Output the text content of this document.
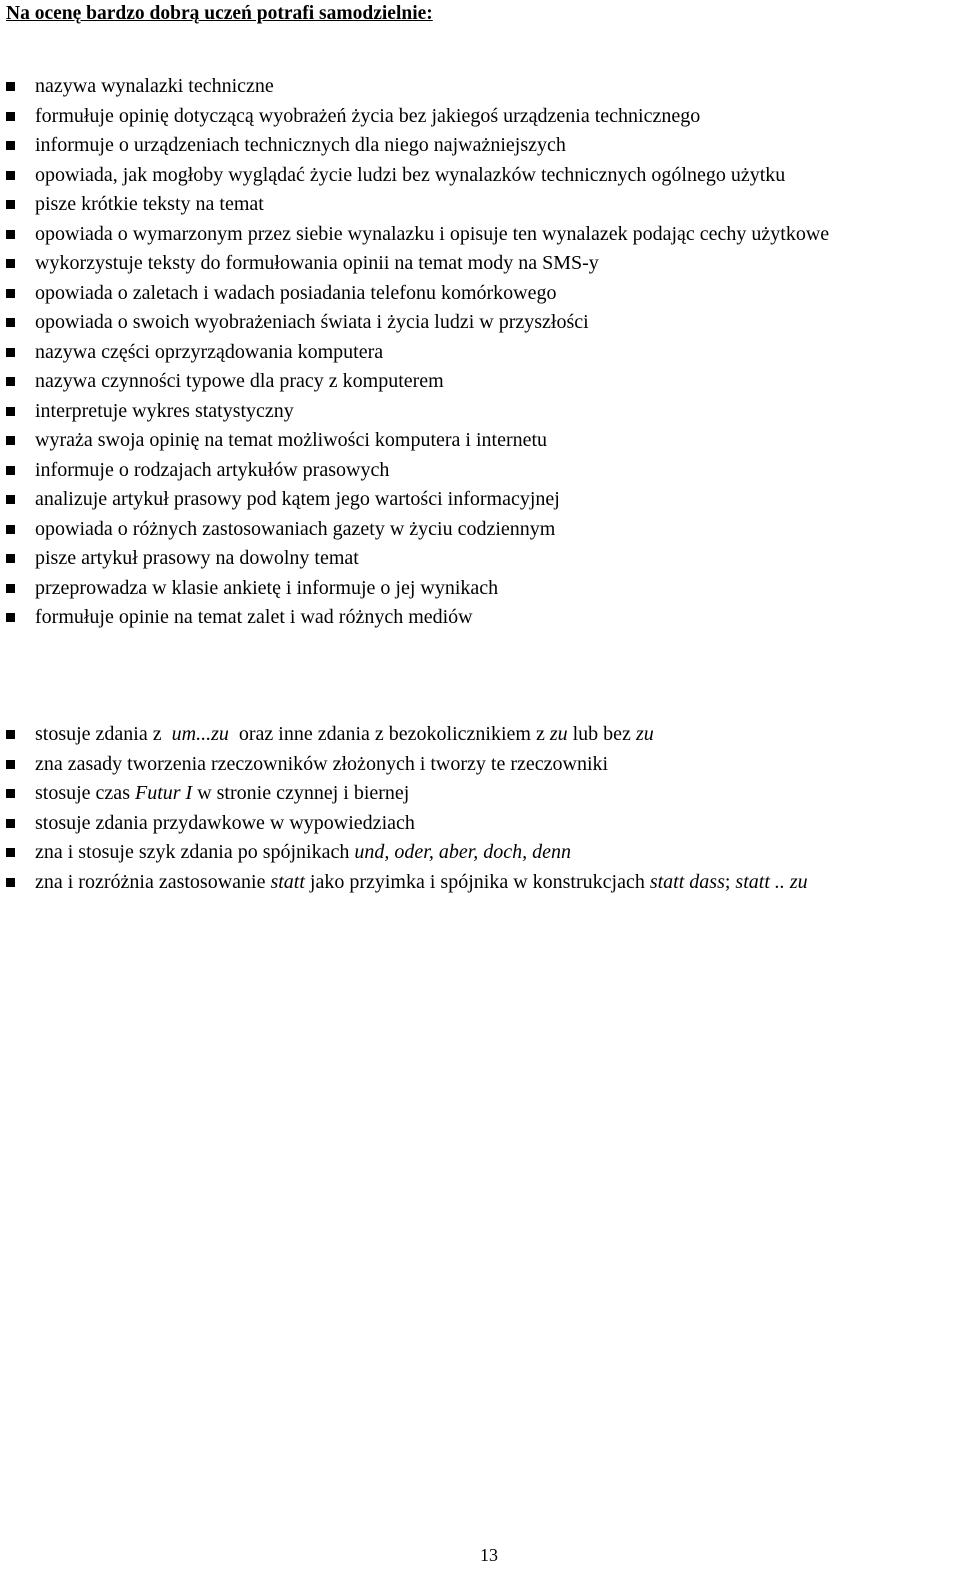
Na ocenę bardzo dobrą uczeń potrafi samodzielnie:
nazywa wynalazki techniczne
formułuje opinię dotyczącą wyobrażeń życia bez jakiegoś urządzenia technicznego
informuje o urządzeniach technicznych dla niego najważniejszych
opowiada, jak mogłoby wyglądać życie ludzi bez wynalazków technicznych ogólnego użytku
pisze krótkie teksty na temat
opowiada o wymarzonym przez siebie wynalazku i opisuje ten wynalazek podając cechy użytkowe
wykorzystuje teksty do formułowania opinii na temat mody na SMS-y
opowiada o zaletach i wadach posiadania telefonu komórkowego
opowiada o swoich wyobrażeniach świata i życia ludzi w przyszłości
nazywa części oprzyrządowania komputera
nazywa czynności typowe dla pracy z komputerem
interpretuje wykres statystyczny
wyraża swoja opinię na temat możliwości komputera i internetu
informuje o rodzajach artykułów prasowych
analizuje artykuł prasowy pod kątem jego wartości informacyjnej
opowiada o różnych zastosowaniach gazety w życiu codziennym
pisze artykuł prasowy na dowolny temat
przeprowadza w klasie ankietę i informuje o jej wynikach
formułuje opinie na temat zalet i wad różnych mediów
stosuje zdania z  um...zu  oraz inne zdania z bezokolicznikiem z zu lub bez zu
zna zasady tworzenia rzeczowników złożonych i tworzy te rzeczowniki
stosuje czas Futur I w stronie czynnej i biernej
stosuje zdania przydawkowe w wypowiedziach
zna i stosuje szyk zdania po spójnikach und, oder, aber, doch, denn
zna i rozróżnia zastosowanie statt jako przyimka i spójnika w konstrukcjach statt dass; statt .. zu
13
